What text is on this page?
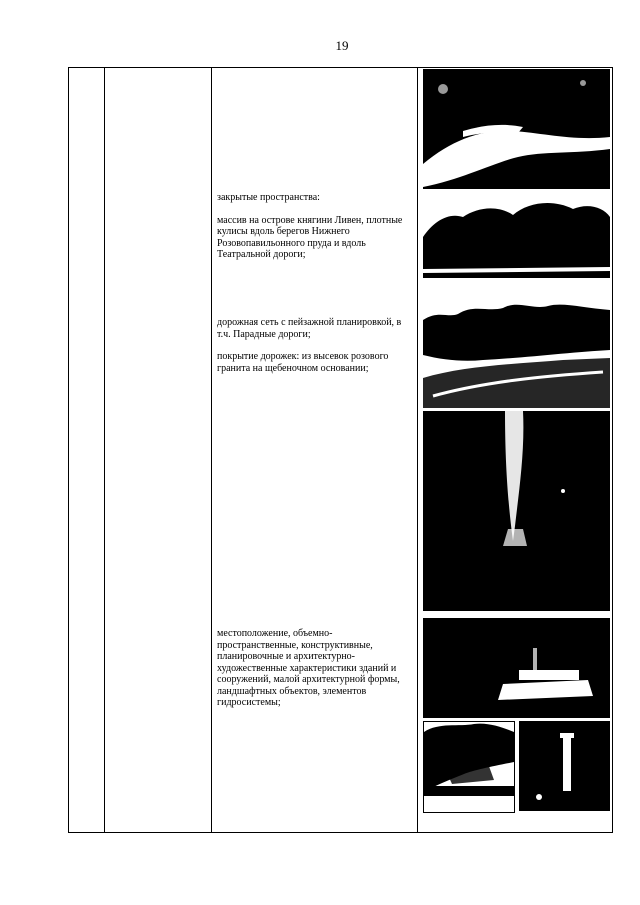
19

закрытые пространства:

массив на острове княгини Ливен, плотные кулисы вдоль берегов Нижнего Розовопавильонного пруда и вдоль Театральной дороги;

дорожная сеть с пейзажной планировкой, в т.ч. Парадные дороги;

покрытие дорожек: из высевок розового гранита на щебеночном основании;

местоположение, объемно-пространственные, конструктивные, планировочные и архитектурно-художественные характеристики зданий и сооружений, малой архитектурной формы, ландшафтных объектов, элементов гидросистемы;
